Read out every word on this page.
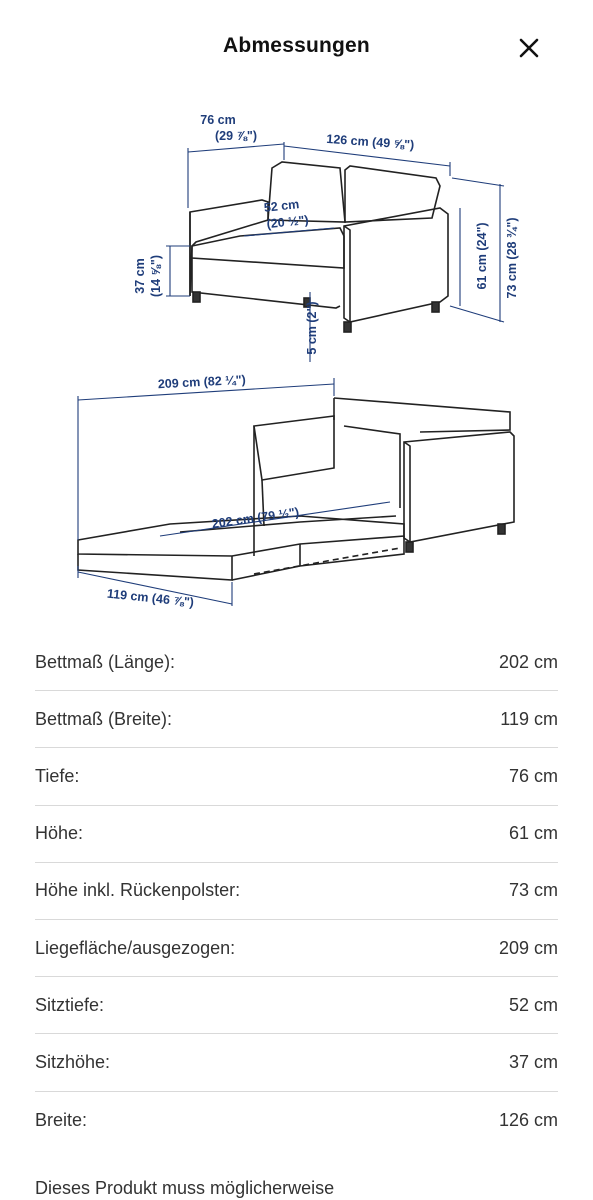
Abmessungen
76 cm
(29 ⅞")	126 cm (49 ⅝")
52 cm
(20 ½")
37 cm (14 ⅝")	61 cm (24") 73 cm (28 ¾")
5 cm (2")
209 cm (82 ¼")
202 cm (79 ½")
119 cm (46 ⅞")
Bettmaß (Länge):	202 cm
Bettmaß (Breite):	119 cm
Tiefe:	76 cm
Höhe:	61 cm
Höhe inkl. Rückenpolster:	73 cm
Liegefläche/ausgezogen:	209 cm
Sitztiefe:	52 cm
Sitzhöhe:	37 cm
Breite:	126 cm
Dieses Produkt muss möglicherweise
